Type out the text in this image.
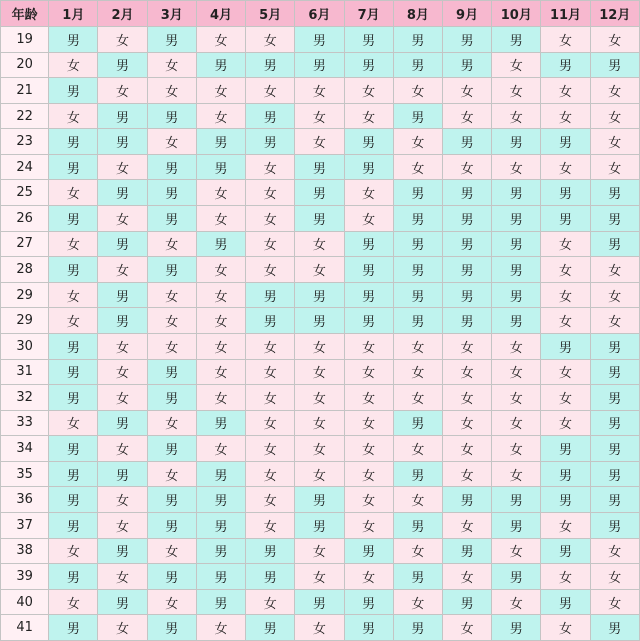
年龄	1月	2月	3月	4月	5月	6月	7月	8月	9月	10月	11月	12月
19	男	女	男	女	女	男	男	男	男	男	女	女
20	女	男	女	男	男	男	男	男	男	女	男	男
21	男	女	女	女	女	女	女	女	女	女	女	女
22	女	男	男	女	男	女	女	男	女	女	女	女
23	男	男	女	男	男	女	男	女	男	男	男	女
24	男	女	男	男	女	男	男	女	女	女	女	女
25	女	男	男	女	女	男	女	男	男	男	男	男
26	男	女	男	女	女	男	女	男	男	男	男	男
27	女	男	女	男	女	女	男	男	男	男	女	男
28	男	女	男	女	女	女	男	男	男	男	女	女
29	女	男	女	女	男	男	男	男	男	男	女	女
29	女	男	女	女	男	男	男	男	男	男	女	女
30	男	女	女	女	女	女	女	女	女	女	男	男
31	男	女	男	女	女	女	女	女	女	女	女	男
32	男	女	男	女	女	女	女	女	女	女	女	男
33	女	男	女	男	女	女	女	男	女	女	女	男
34	男	女	男	女	女	女	女	女	女	女	男	男
35	男	男	女	男	女	女	女	男	女	女	男	男
36	男	女	男	男	女	男	女	女	男	男	男	男
37	男	女	男	男	女	男	女	男	女	男	女	男
38	女	男	女	男	男	女	男	女	男	女	男	女
39	男	女	男	男	男	女	女	男	女	男	女	女
40	女	男	女	男	女	男	男	女	男	女	男	女
41	男	女	男	女	男	女	男	男	女	男	女	男
